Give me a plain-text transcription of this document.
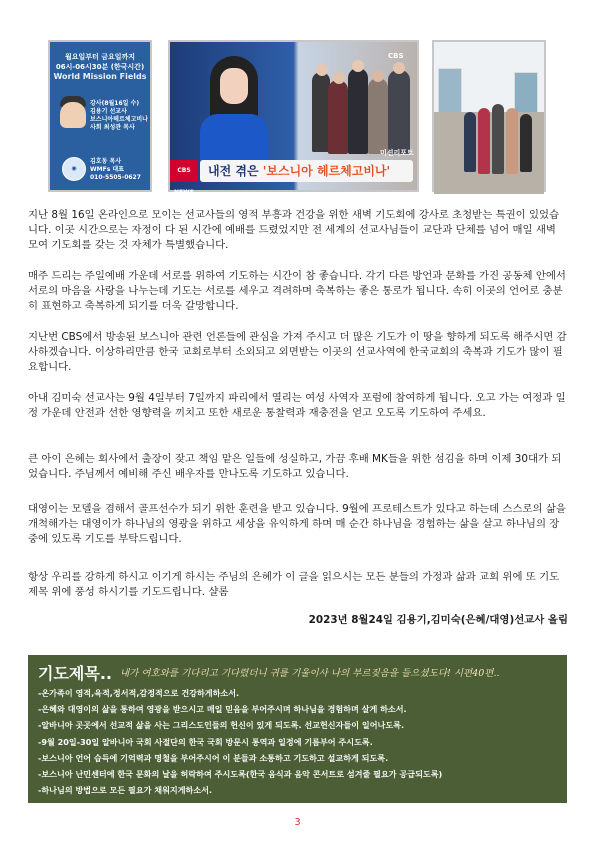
월요일부터 금요일까지
06시-06시30분 (한국시간)
World Mission Fields
강사(8월16일 수)
김용기 선교사
보스니아헤르체고비나
사회 최성관 목사
◉
김호동 목사
WMFs 대표
010-5505-0627
CBS
미션리포트
CBS NEWS
내전 겪은 '보스니아 헤르체고비나'

지난 8월 16일 온라인으로 모이는 선교사들의 영적 부흥과 건강을 위한 새벽 기도회에 강사로 초청받는 특권이 있었습니다. 이곳 시간으로는 자정이 다 된 시간에 예배를 드렸었지만 전 세계의 선교사님들이 교단과 단체를 넘어 매일 새벽 모여 기도회를 갖는 것 자체가 특별했습니다.

매주 드리는 주일예배 가운데 서로를 위하여 기도하는 시간이 참 좋습니다. 각기 다른 방언과 문화를 가진 공동체 안에서 서로의 마음을 사랑을 나누는데 기도는 서로를 세우고 격려하며 축복하는 좋은 통로가 됩니다. 속히 이곳의 언어로 충분히 표현하고 축복하게 되기를 더욱 갈망합니다.

지난번 CBS에서 방송된 보스니아 관련 언론들에 관심을 가져 주시고 더 많은 기도가 이 땅을 향하게 되도록 해주시면 감사하겠습니다. 이상하리만큼 한국 교회로부터 소외되고 외면받는 이곳의 선교사역에 한국교회의 축복과 기도가 많이 필요합니다.

아내 김미숙 선교사는 9월 4일부터 7일까지 파리에서 열리는 여성 사역자 포럼에 참여하게 됩니다. 오고 가는 여정과 일정 가운데 안전과 선한 영향력을 끼치고 또한 새로운 통찰력과 재충전을 얻고 오도록 기도하여 주세요.

큰 아이 은혜는 회사에서 출장이 잦고 책임 맡은 일들에 성실하고, 가끔 후배 MK들을 위한 섬김을 하며 이제 30대가 되었습니다. 주님께서 예비해 주신 배우자를 만나도록 기도하고 있습니다.

대영이는 모델을 겸해서 골프선수가 되기 위한 훈련을 받고 있습니다. 9월에 프로테스트가 있다고 하는데 스스로의 삶을 개척해가는 대영이가 하나님의 영광을 위하고 세상을 유익하게 하며 매 순간 하나님을 경험하는 삶을 살고 하나님의 장중에 있도록 기도를 부탁드립니다.

항상 우리를 강하게 하시고 이기게 하시는 주님의 은혜가 이 글을 읽으시는 모든 분들의 가정과 삶과 교회 위에 또 기도제목 위에 풍성 하시기를 기도드립니다. 샬롬

2023년 8월24일 김용기,김미숙(은혜/대영)선교사 올림
기도제목.. 내가 여호와를 기다리고 기다렸더니 귀를 기울이사 나의 부르짖음을 들으셨도다! 시편40편..
-온가족이 영적,육적,정서적,감정적으로 건강하게하소서.
-은혜와 대영이의 삶을 통하여 영광을 받으시고 매일 믿음을 부어주시며 하나님을 경험하며 살게 하소서.
-알바니아 곳곳에서 선교적 삶을 사는 그리스도인들의 헌신이 있게 되도록. 선교헌신자들이 일어나도록.
-9월 20일-30일 알바니아 국회 사절단의 한국 국회 방문시 통역과 일정에 기름부어 주시도록.
-보스니아 언어 습득에 기억력과 명철을 부어주시어 이 분들과 소통하고 기도하고 설교하게 되도록.
-보스니아 난민센터에 한국 문화의 날을 허락하여 주시도록(한국 음식과 음악 콘서트로 섬겨줄 필요가 공급되도록)
-하나님의 방법으로 모든 필요가 채워지게하소서.
3
